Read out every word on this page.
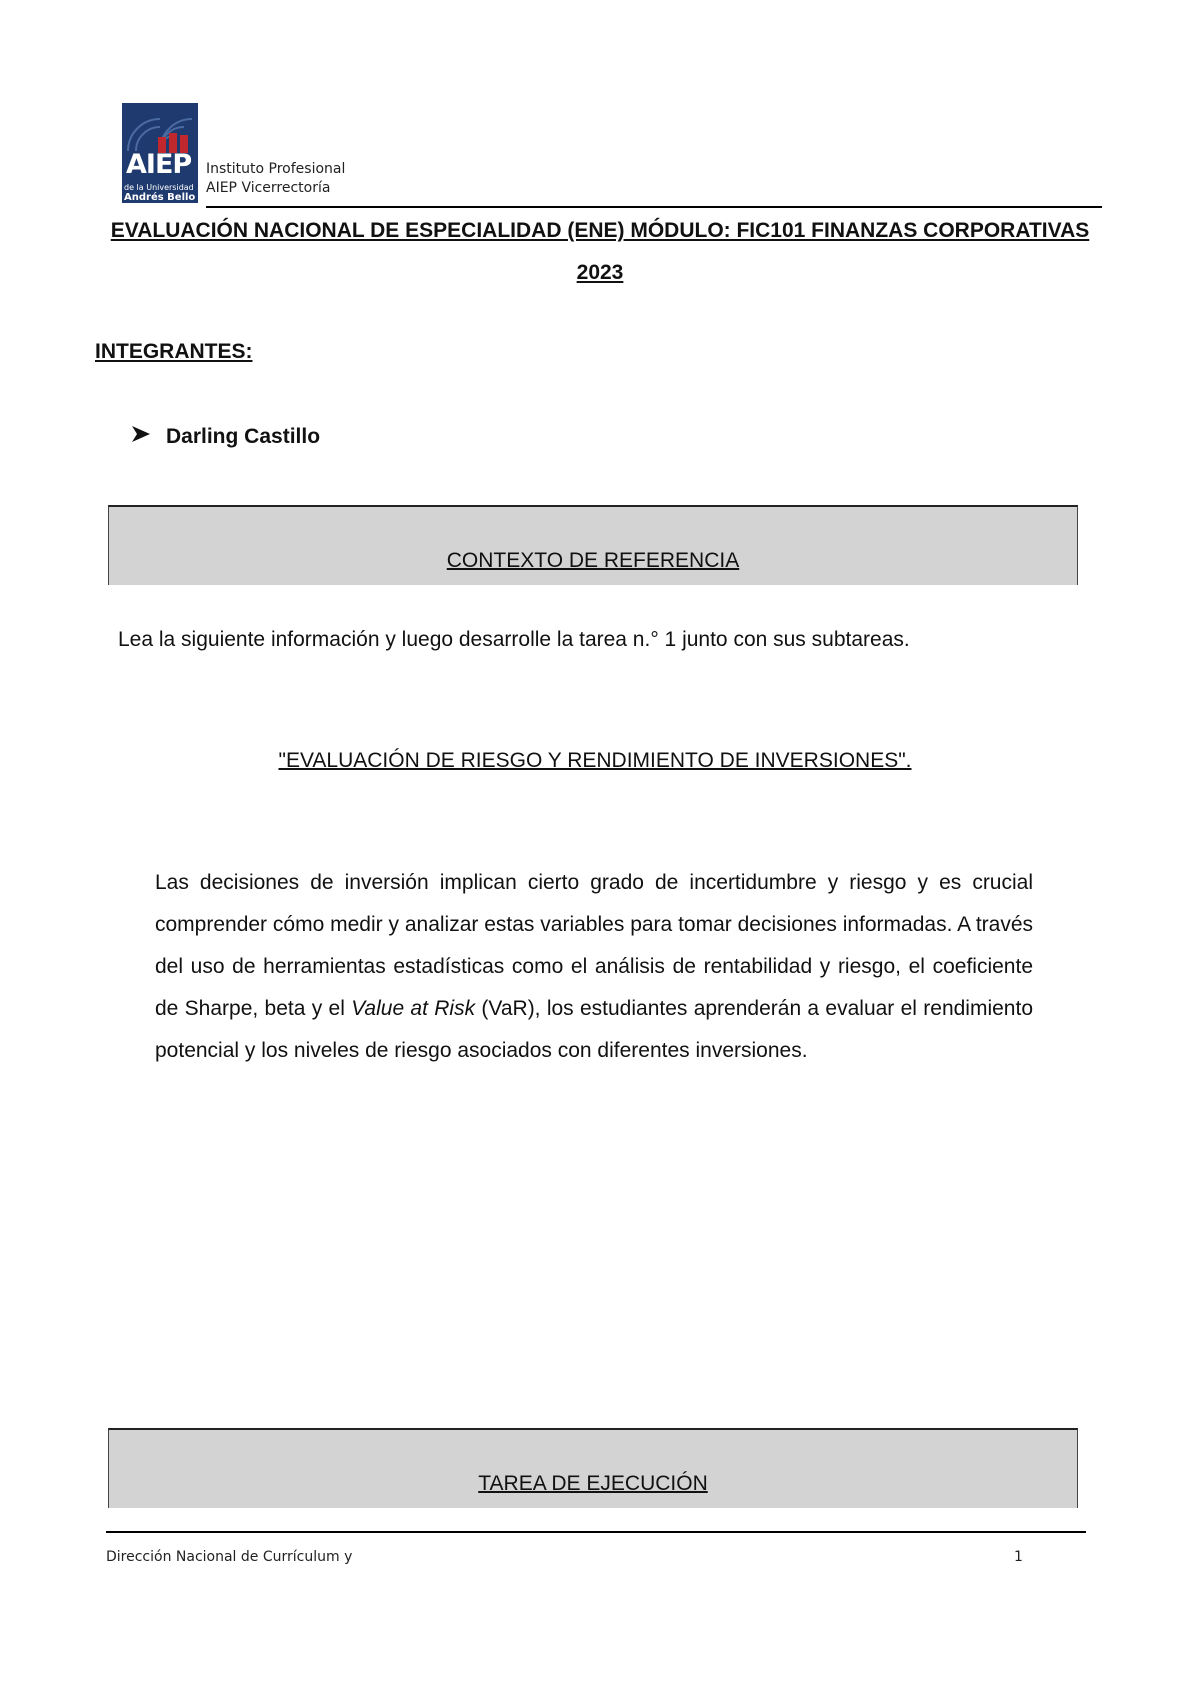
AIEP
de la Universidad
Andrés Bello
Instituto Profesional
AIEP Vicerrectoría
EVALUACIÓN NACIONAL DE ESPECIALIDAD (ENE) MÓDULO: FIC101 FINANZAS CORPORATIVAS 2023
INTEGRANTES:
Darling Castillo
CONTEXTO DE REFERENCIA
Lea la siguiente información y luego desarrolle la tarea n.° 1 junto con sus subtareas.
"EVALUACIÓN DE RIESGO Y RENDIMIENTO DE INVERSIONES".
Las decisiones de inversión implican cierto grado de incertidumbre y riesgo y es crucial comprender cómo medir y analizar estas variables para tomar decisiones informadas. A través del uso de herramientas estadísticas como el análisis de rentabilidad y riesgo, el coeficiente de Sharpe, beta y el Value at Risk (VaR), los estudiantes aprenderán a evaluar el rendimiento potencial y los niveles de riesgo asociados con diferentes inversiones.
TAREA DE EJECUCIÓN
Dirección Nacional de Currículum y	1
